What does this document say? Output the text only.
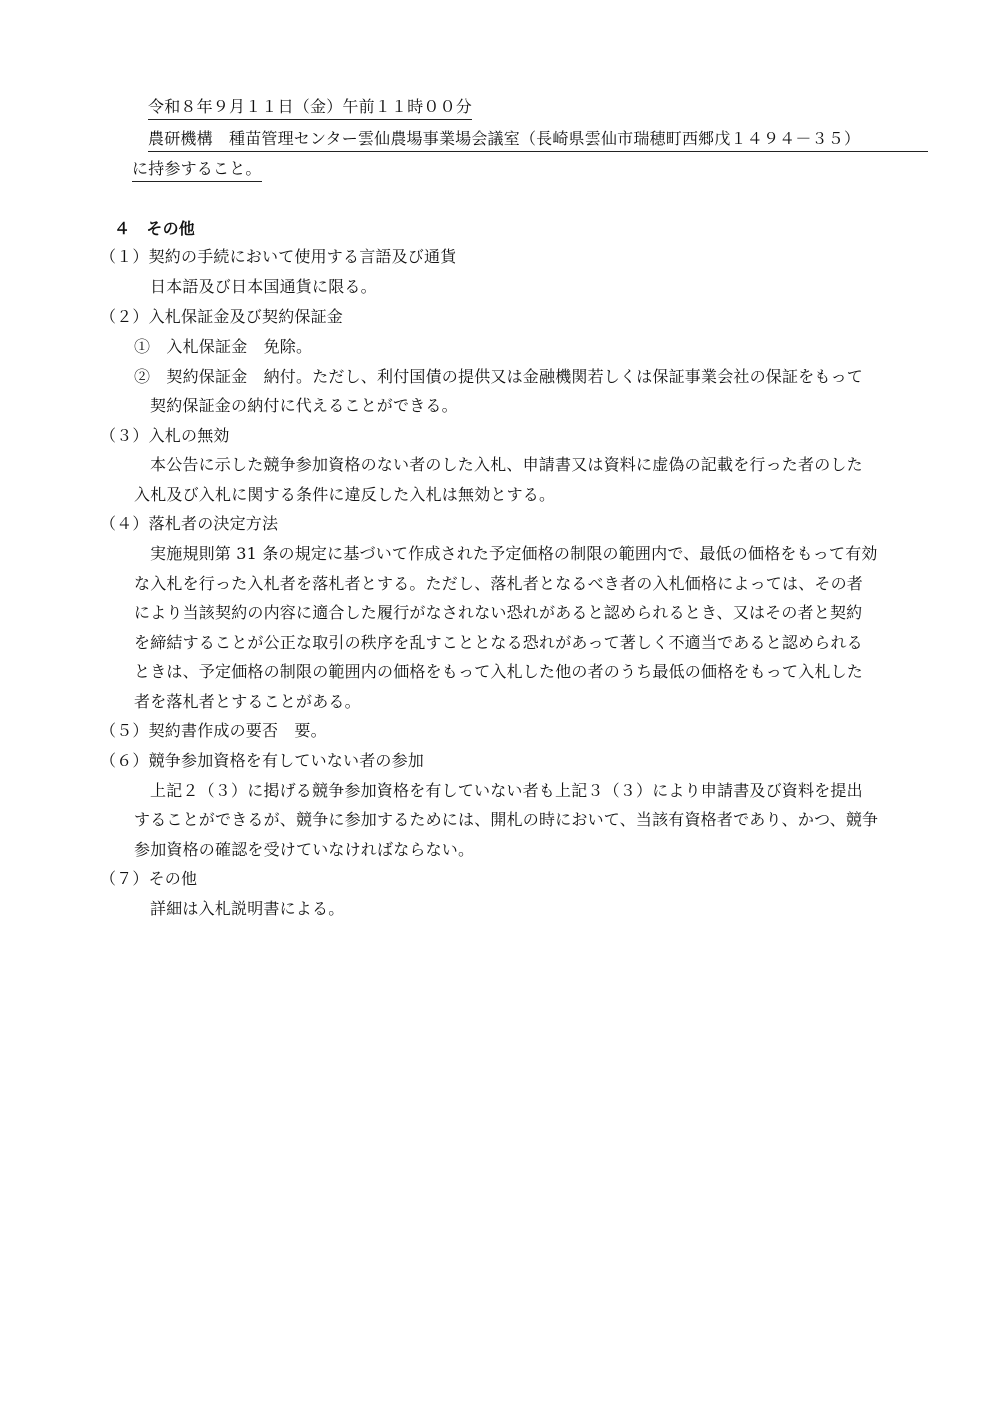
令和８年９月１１日（金）午前１１時００分
農研機構　種苗管理センター雲仙農場事業場会議室（長崎県雲仙市瑞穂町西郷戊１４９４－３５）
に持参すること。
４　その他
（１）契約の手続において使用する言語及び通貨
日本語及び日本国通貨に限る。
（２）入札保証金及び契約保証金
①　入札保証金　免除。
②　契約保証金　納付。ただし、利付国債の提供又は金融機関若しくは保証事業会社の保証をもって
契約保証金の納付に代えることができる。
（３）入札の無効
本公告に示した競争参加資格のない者のした入札、申請書又は資料に虚偽の記載を行った者のした
入札及び入札に関する条件に違反した入札は無効とする。
（４）落札者の決定方法
実施規則第 31 条の規定に基づいて作成された予定価格の制限の範囲内で、最低の価格をもって有効
な入札を行った入札者を落札者とする。ただし、落札者となるべき者の入札価格によっては、その者
により当該契約の内容に適合した履行がなされない恐れがあると認められるとき、又はその者と契約
を締結することが公正な取引の秩序を乱すこととなる恐れがあって著しく不適当であると認められる
ときは、予定価格の制限の範囲内の価格をもって入札した他の者のうち最低の価格をもって入札した
者を落札者とすることがある。
（５）契約書作成の要否　要。
（６）競争参加資格を有していない者の参加
上記２（３）に掲げる競争参加資格を有していない者も上記３（３）により申請書及び資料を提出
することができるが、競争に参加するためには、開札の時において、当該有資格者であり、かつ、競争
参加資格の確認を受けていなければならない。
（７）その他
詳細は入札説明書による。
